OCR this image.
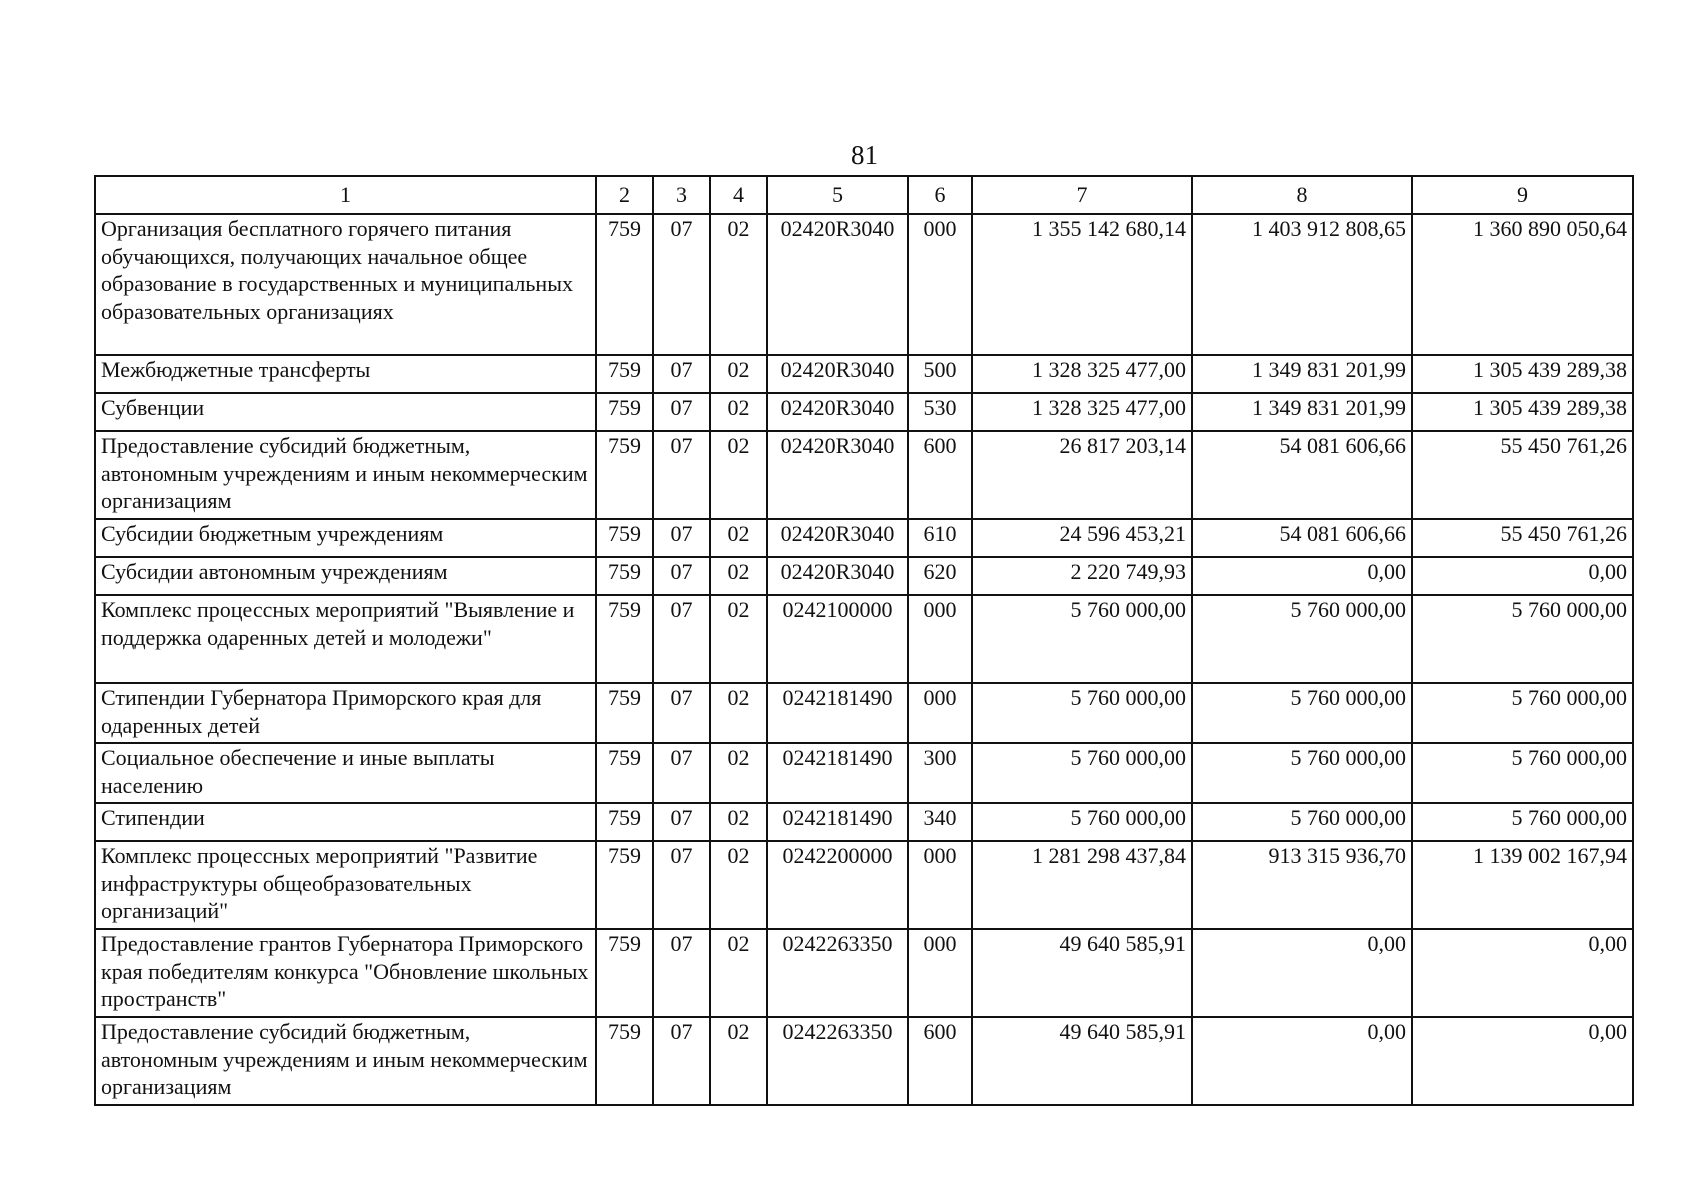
81
1	2	3	4	5	6	7	8	9
Организация бесплатного горячего питания обучающихся, получающих начальное общее образование в государственных и муниципальных образовательных организациях	759	07	02	02420R3040	000	1 355 142 680,14	1 403 912 808,65	1 360 890 050,64
Межбюджетные трансферты	759	07	02	02420R3040	500	1 328 325 477,00	1 349 831 201,99	1 305 439 289,38
Субвенции	759	07	02	02420R3040	530	1 328 325 477,00	1 349 831 201,99	1 305 439 289,38
Предоставление субсидий бюджетным, автономным учреждениям и иным некоммерческим организациям	759	07	02	02420R3040	600	26 817 203,14	54 081 606,66	55 450 761,26
Субсидии бюджетным учреждениям	759	07	02	02420R3040	610	24 596 453,21	54 081 606,66	55 450 761,26
Субсидии автономным учреждениям	759	07	02	02420R3040	620	2 220 749,93	0,00	0,00
Комплекс процессных мероприятий "Выявление и поддержка одаренных детей и молодежи"	759	07	02	0242100000	000	5 760 000,00	5 760 000,00	5 760 000,00
Стипендии Губернатора Приморского края для одаренных детей	759	07	02	0242181490	000	5 760 000,00	5 760 000,00	5 760 000,00
Социальное обеспечение и иные выплаты населению	759	07	02	0242181490	300	5 760 000,00	5 760 000,00	5 760 000,00
Стипендии	759	07	02	0242181490	340	5 760 000,00	5 760 000,00	5 760 000,00
Комплекс процессных мероприятий "Развитие инфраструктуры общеобразовательных организаций"	759	07	02	0242200000	000	1 281 298 437,84	913 315 936,70	1 139 002 167,94
Предоставление грантов Губернатора Приморского края победителям конкурса "Обновление школьных пространств"	759	07	02	0242263350	000	49 640 585,91	0,00	0,00
Предоставление субсидий бюджетным, автономным учреждениям и иным некоммерческим организациям	759	07	02	0242263350	600	49 640 585,91	0,00	0,00
